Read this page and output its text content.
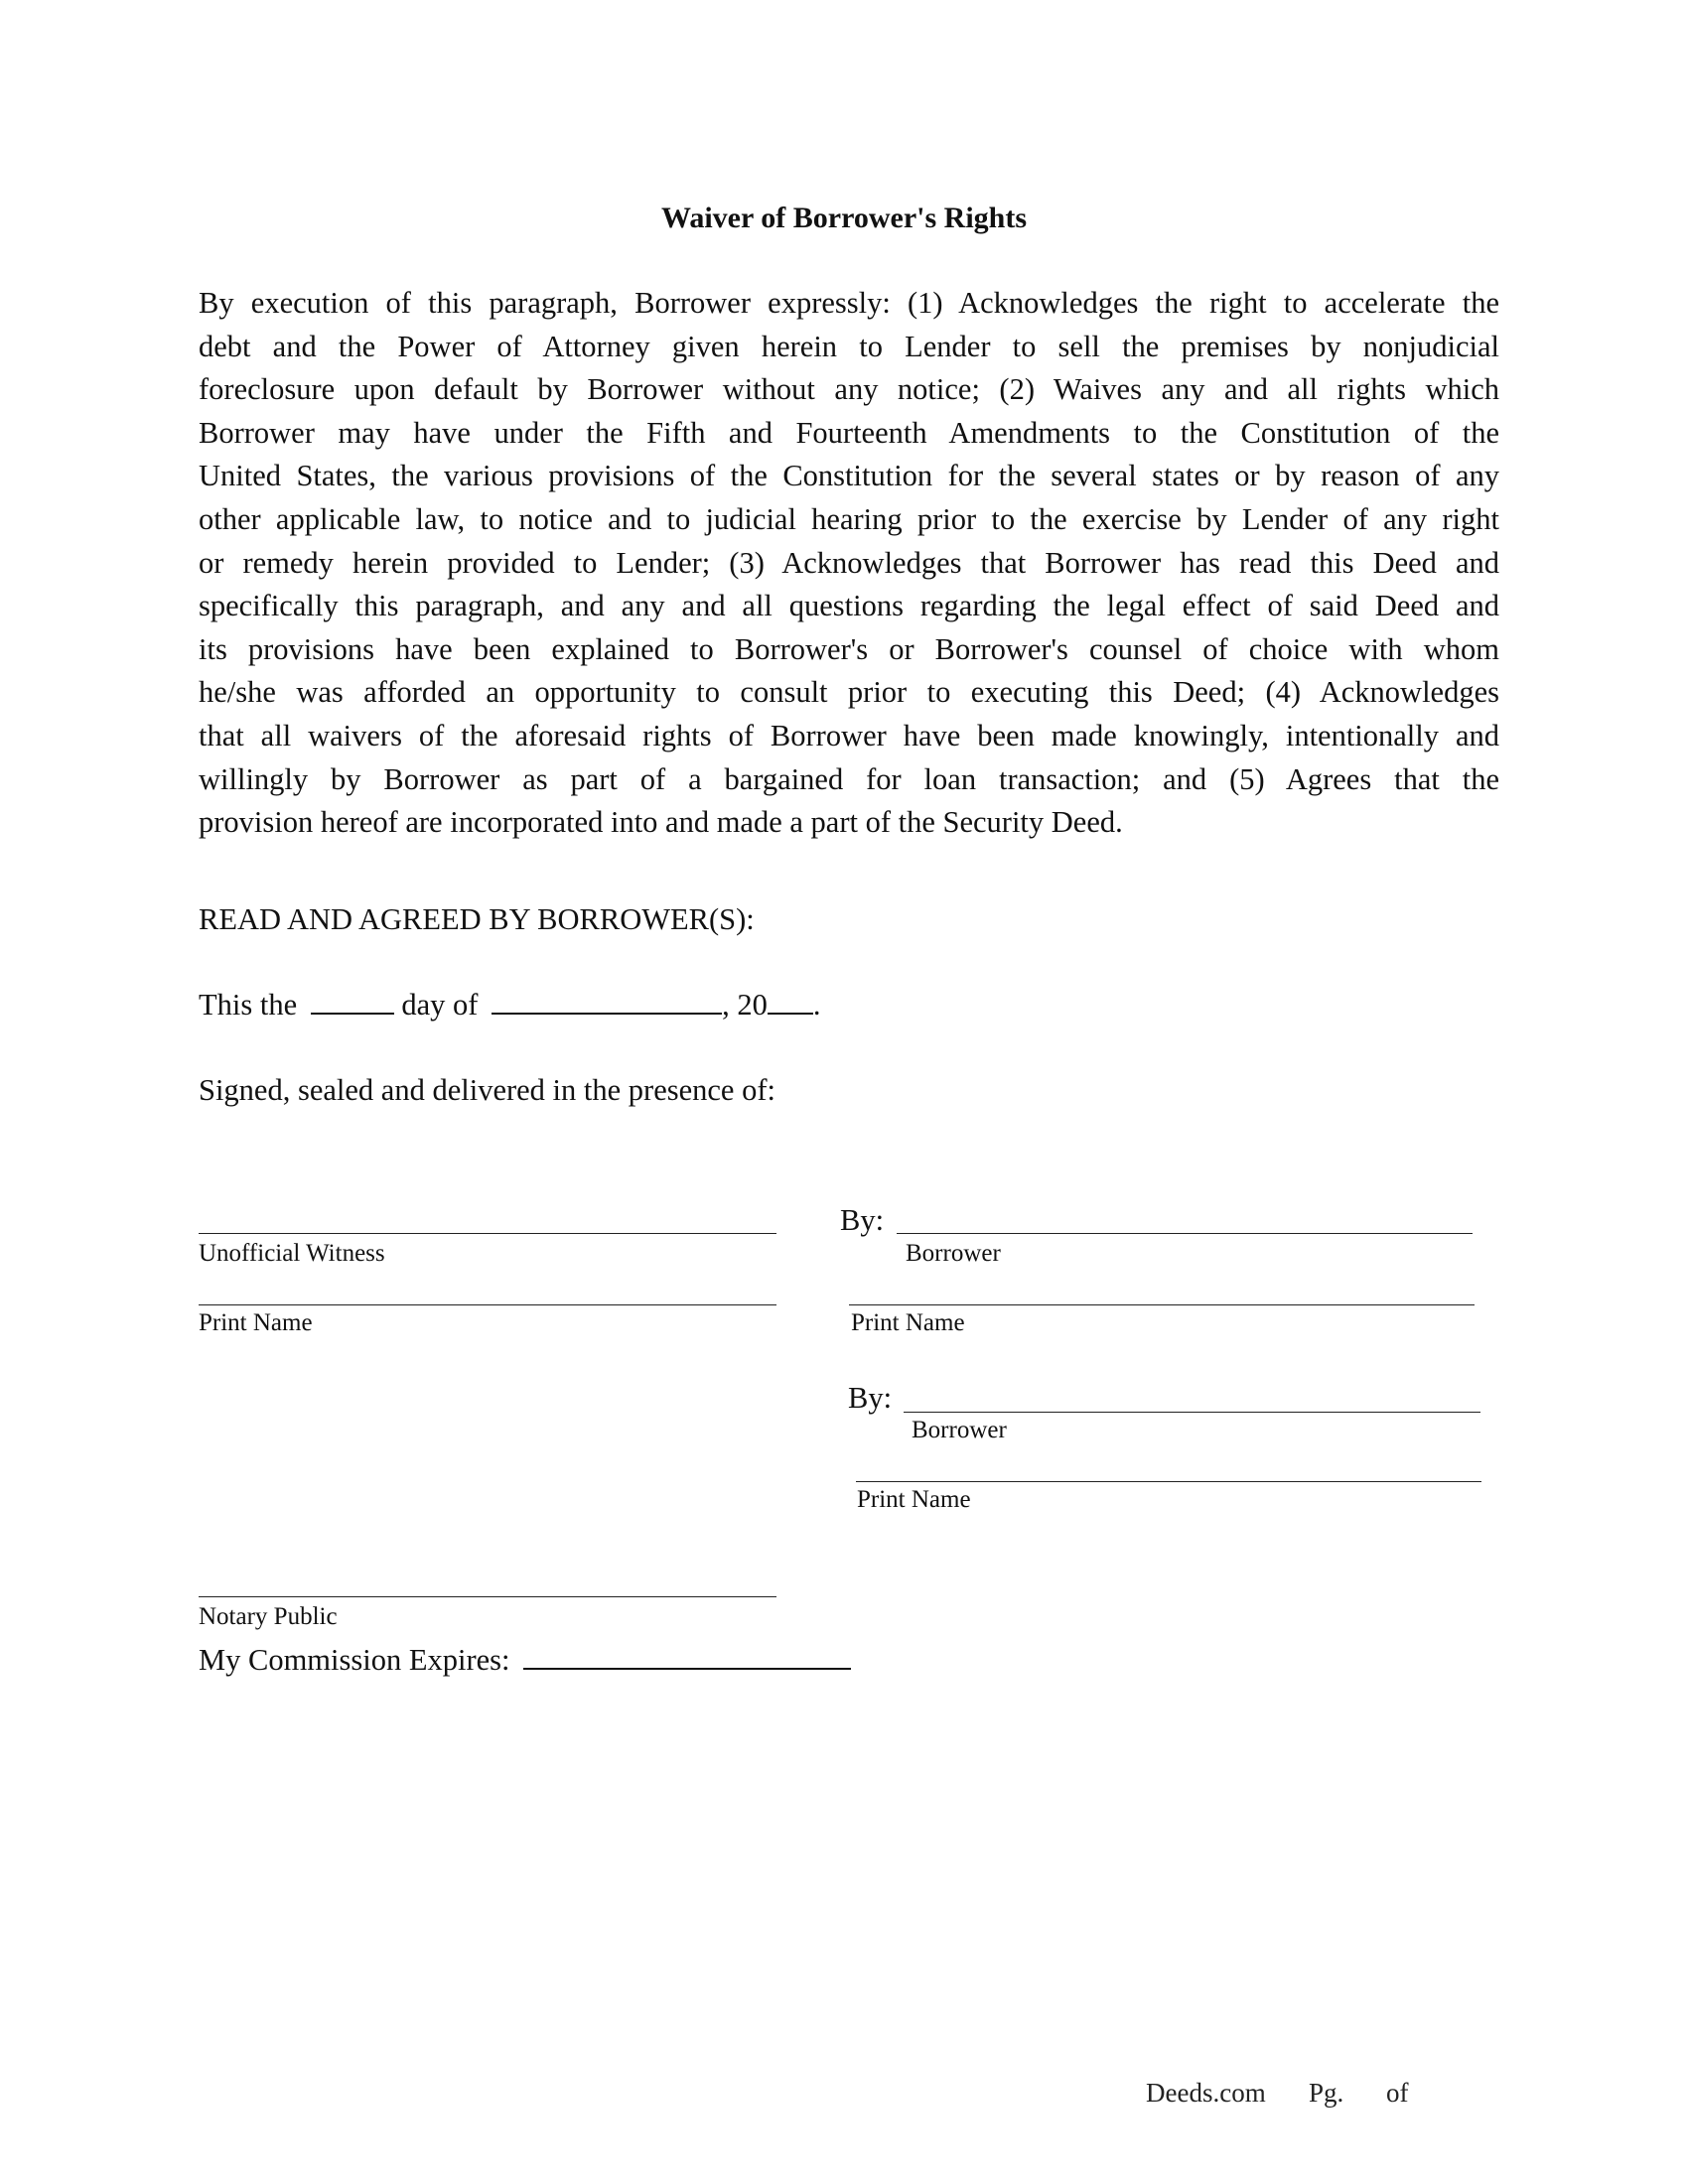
Waiver of Borrower's Rights
By execution of this paragraph, Borrower expressly: (1) Acknowledges the right to accelerate the
debt and the Power of Attorney given herein to Lender to sell the premises by nonjudicial
foreclosure upon default by Borrower without any notice; (2) Waives any and all rights which
Borrower may have under the Fifth and Fourteenth Amendments to the Constitution of the
United States, the various provisions of the Constitution for the several states or by reason of any
other applicable law, to notice and to judicial hearing prior to the exercise by Lender of any right
or remedy herein provided to Lender; (3) Acknowledges that Borrower has read this Deed and
specifically this paragraph, and any and all questions regarding the legal effect of said Deed and
its provisions have been explained to Borrower's or Borrower's counsel of choice with whom
he/she was afforded an opportunity to consult prior to executing this Deed; (4) Acknowledges
that all waivers of the aforesaid rights of Borrower have been made knowingly, intentionally and
willingly by Borrower as part of a bargained for loan transaction; and (5) Agrees that the
provision hereof are incorporated into and made a part of the Security Deed.
READ AND AGREED BY BORROWER(S):
This the	day of	, 20 .
Signed, sealed and delivered in the presence of:
Unofficial Witness
Print Name
By:
Borrower
Print Name
By:
Borrower
Print Name
Notary Public
My Commission Expires:
Deeds.com Pg. of
